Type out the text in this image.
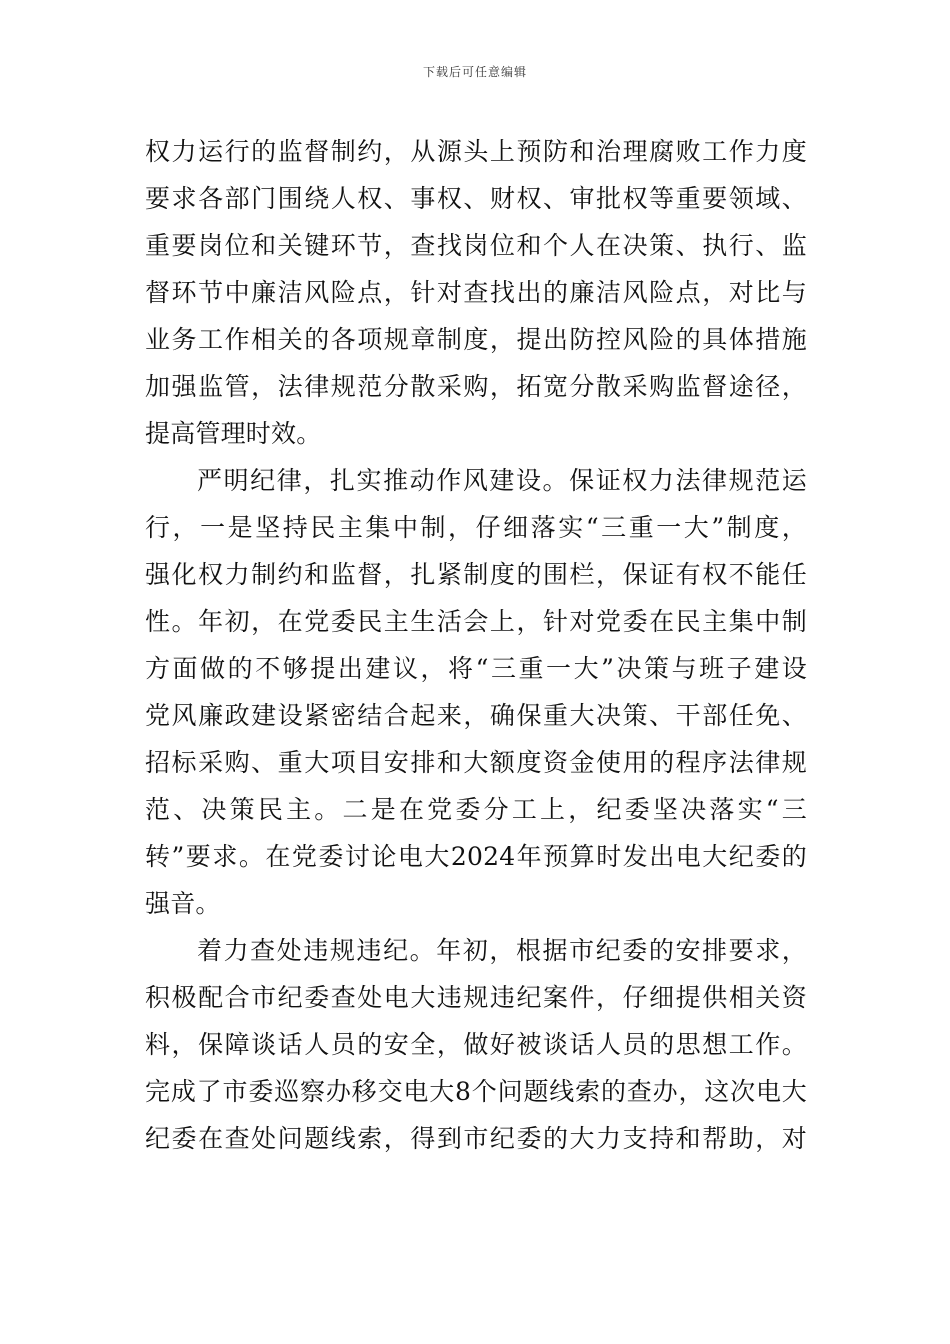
下载后可任意编辑
权力运行的监督制约，从源头上预防和治理腐败工作力度
要求各部门围绕人权、事权、财权、审批权等重要领域、
重要岗位和关键环节，查找岗位和个人在决策、执行、监
督环节中廉洁风险点，针对查找出的廉洁风险点，对比与
业务工作相关的各项规章制度，提出防控风险的具体措施
加强监管，法律规范分散采购，拓宽分散采购监督途径，
提高管理时效。
严明纪律，扎实推动作风建设。保证权力法律规范运
行，一是坚持民主集中制，仔细落实“三重一大”制度，
强化权力制约和监督，扎紧制度的围栏，保证有权不能任
性。年初，在党委民主生活会上，针对党委在民主集中制
方面做的不够提出建议，将“三重一大”决策与班子建设
党风廉政建设紧密结合起来，确保重大决策、干部任免、
招标采购、重大项目安排和大额度资金使用的程序法律规
范、决策民主。二是在党委分工上，纪委坚决落实“三
转”要求。在党委讨论电大2024年预算时发出电大纪委的
强音。
着力查处违规违纪。年初，根据市纪委的安排要求，
积极配合市纪委查处电大违规违纪案件，仔细提供相关资
料，保障谈话人员的安全，做好被谈话人员的思想工作。
完成了市委巡察办移交电大8个问题线索的查办，这次电大
纪委在查处问题线索，得到市纪委的大力支持和帮助，对
